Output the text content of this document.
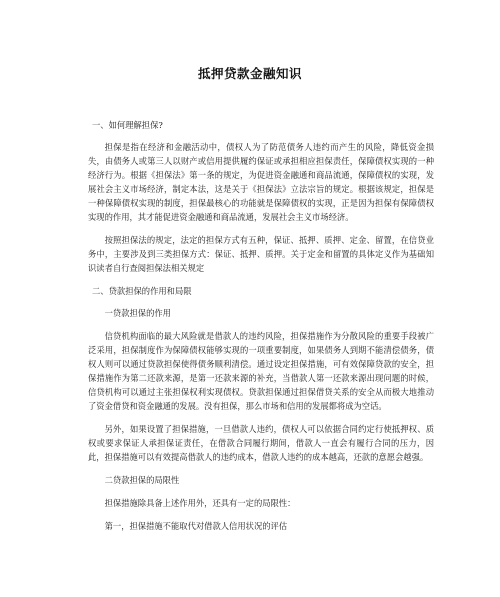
抵押贷款金融知识
一、如何理解担保?

担保是指在经济和金融活动中，债权人为了防范债务人违约而产生的风险，降低资金损失，由债务人或第三人以财产或信用提供履约保证或承担相应担保责任，保障债权实现的一种经济行为。根据《担保法》第一条的规定，为促进资金融通和商品流通，保障债权的实现，发展社会主义市场经济，制定本法，这是关于《担保法》立法宗旨的规定。根据该规定，担保是一种保障债权实现的制度，担保最核心的功能就是保障债权的实现，正是因为担保有保障债权实现的作用，其才能促进资金融通和商品流通，发展社会主义市场经济。

按照担保法的规定，法定的担保方式有五种，保证、抵押、质押、定金、留置，在信贷业务中，主要涉及到三类担保方式：保证、抵押、质押。关于定金和留置的具体定义作为基础知识读者自行查阅担保法相关规定

二、贷款担保的作用和局限
一贷款担保的作用

信贷机构面临的最大风险就是借款人的违约风险，担保措施作为分散风险的重要手段被广泛采用，担保制度作为保障债权能够实现的一项重要制度，如果债务人到期不能清偿债务，债权人则可以通过贷款担保使得债务顺利清偿。通过设定担保措施，可有效保障贷款的安全，担保措施作为第二还款来源，是第一还款来源的补充，当借款人第一还款来源出现问题的时候，信贷机构可以通过主张担保权利实现债权。贷款担保通过担保借贷关系的安全从而极大地推动了资金借贷和资金融通的发展。没有担保，那么市场和信用的发展都将成为空话。

另外，如果设置了担保措施，一旦借款人违约，债权人可以依据合同约定行使抵押权、质权或要求保证人承担保证责任，在借款合同履行期间，借款人一直会有履行合同的压力，因此，担保措施可以有效提高借款人的违约成本，借款人违约的成本越高，还款的意愿会越强。

二贷款担保的局限性

担保措施除具备上述作用外，还具有一定的局限性：

第一，担保措施不能取代对借款人信用状况的评估
